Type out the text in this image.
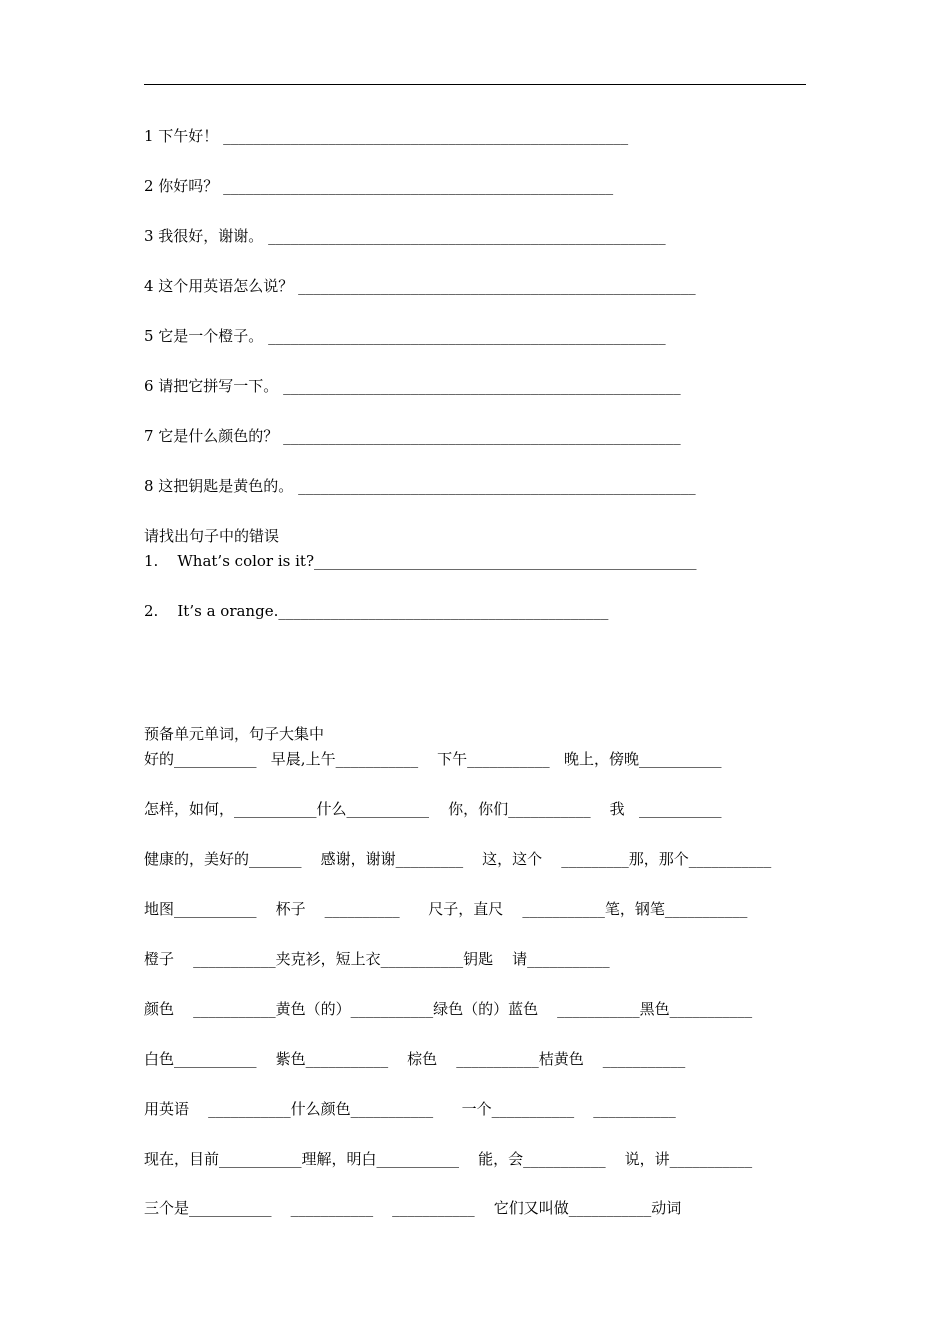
1 下午好！ ______________________________________________________
2 你好吗？ ____________________________________________________
3 我很好，谢谢。 _____________________________________________________
4 这个用英语怎么说？ _____________________________________________________
5 它是一个橙子。 _____________________________________________________
6 请把它拼写一下。 _____________________________________________________
7 它是什么颜色的？ _____________________________________________________
8 这把钥匙是黄色的。 _____________________________________________________
请找出句子中的错误
1.    What’s color is it?___________________________________________________
2.    It’s a orange.____________________________________________
预备单元单词，句子大集中
好的___________   早晨,上午___________    下午___________   晚上，傍晚___________
怎样，如何，___________什么___________    你，你们___________    我   ___________
健康的，美好的_______    感谢，谢谢_________    这，这个    _________那，那个___________
地图___________    杯子    __________      尺子，直尺    ___________笔，钢笔___________
橙子    ___________夹克衫，短上衣___________钥匙    请___________
颜色    ___________黄色（的）___________绿色（的）蓝色    ___________黑色___________
白色___________    紫色___________    棕色    ___________桔黄色    ___________
用英语    ___________什么颜色___________      一个___________    ___________
现在，目前___________理解，明白___________    能，会___________    说，讲___________
三个是___________    ___________    ___________    它们又叫做___________动词
